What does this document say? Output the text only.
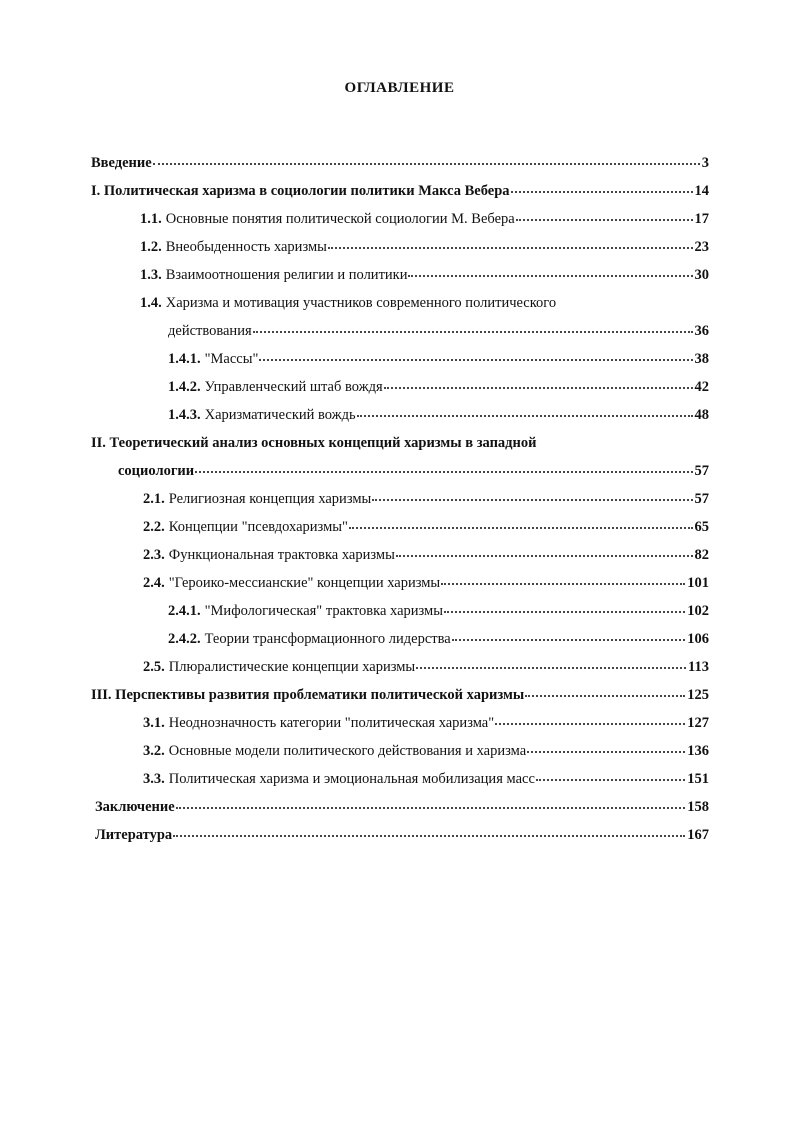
ОГЛАВЛЕНИЕ
Введение	3
I. Политическая харизма в социологии политики Макса Вебера	14
1.1. Основные понятия политической социологии М. Вебера	17
1.2. Внеобыденность харизмы	23
1.3. Взаимоотношения религии и политики	30
1.4. Харизма и мотивация участников современного политического
действования	36
1.4.1. "Массы"	38
1.4.2. Управленческий штаб вождя	42
1.4.3. Харизматический вождь	48
II. Теоретический анализ основных концепций харизмы в западной
социологии	57
2.1. Религиозная концепция харизмы	57
2.2. Концепции "псевдохаризмы"	65
2.3. Функциональная трактовка харизмы	82
2.4. "Героико-мессианские" концепции харизмы	101
2.4.1. "Мифологическая" трактовка харизмы	102
2.4.2. Теории трансформационного лидерства	106
2.5. Плюралистические концепции харизмы	113
III. Перспективы развития проблематики политической харизмы	125
3.1. Неоднозначность категории "политическая харизма"	127
3.2. Основные модели политического действования и харизма	136
3.3. Политическая харизма и эмоциональная мобилизация масс	151
Заключение	158
Литература	167
